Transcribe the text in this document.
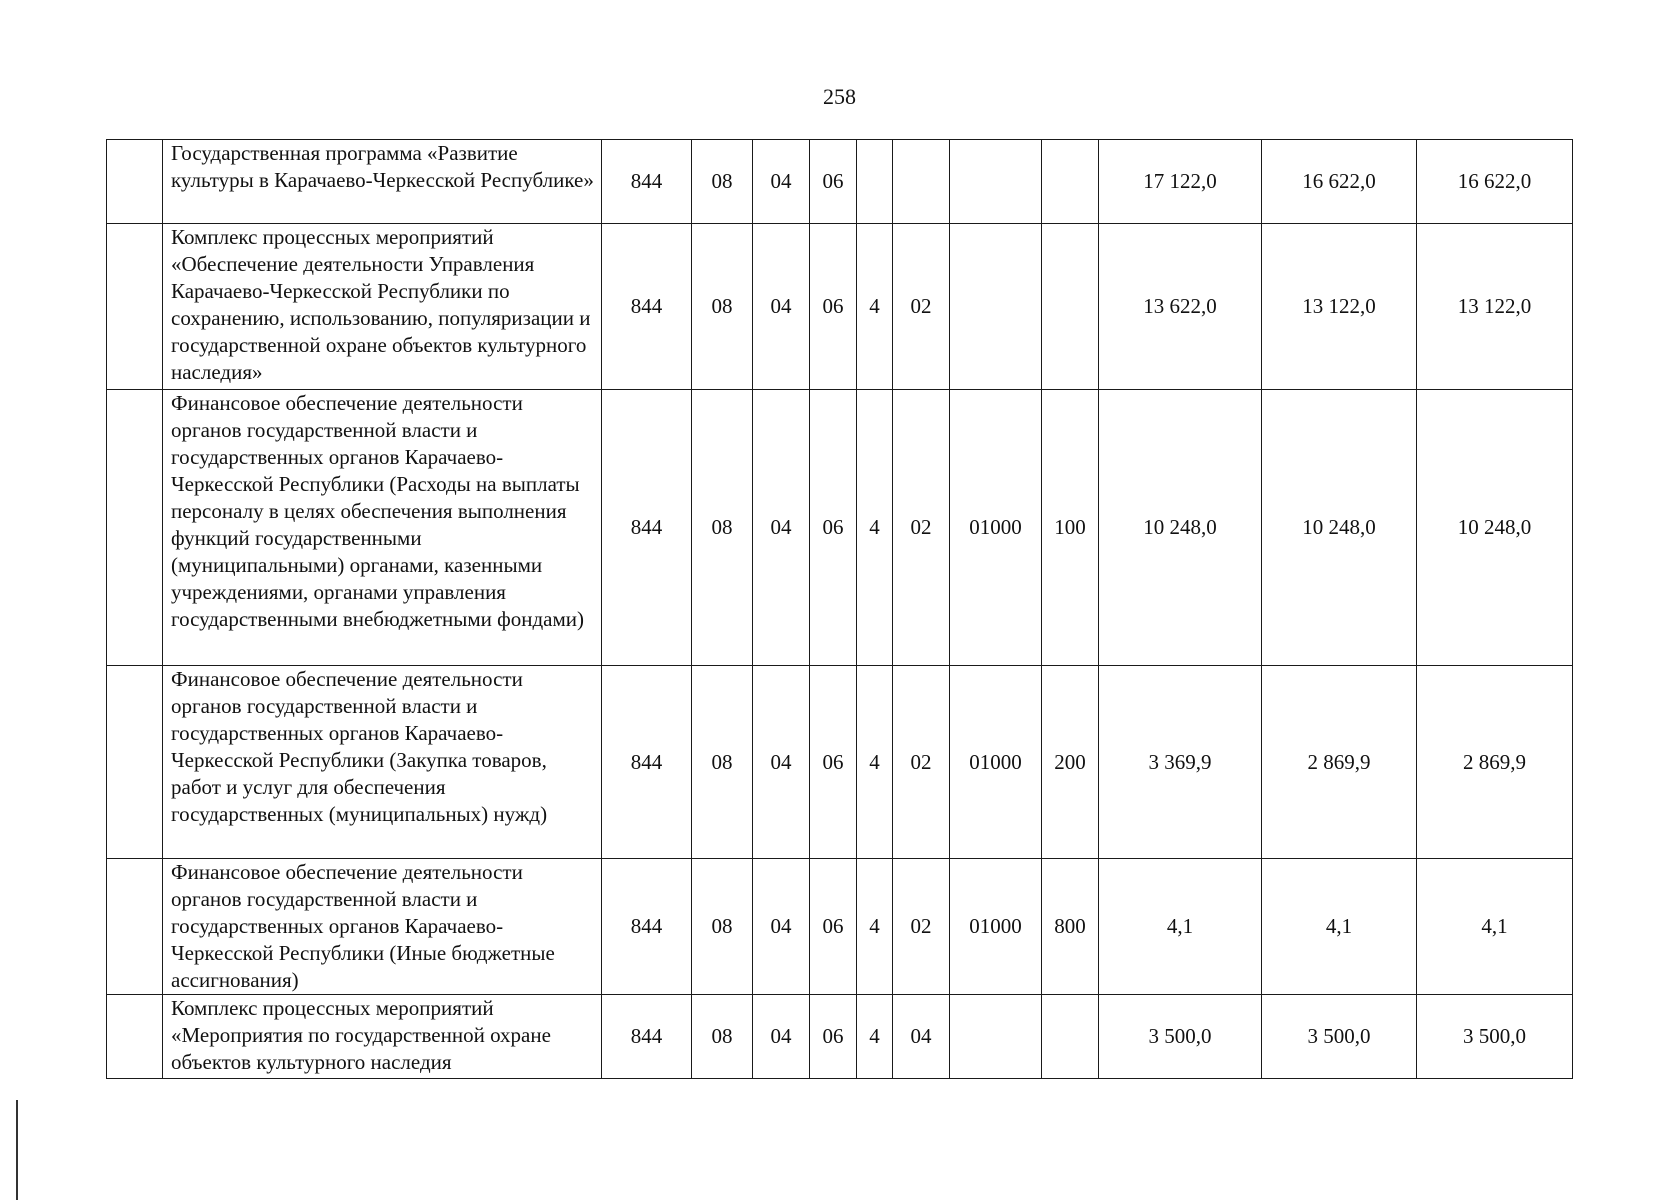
258
	Государственная программа «Развитие культуры в Карачаево-Черкесской Республике»	844	08	04	06					17 122,0	16 622,0	16 622,0
	Комплекс процессных мероприятий «Обеспечение деятельности Управления Карачаево-Черкесской Республики по сохранению, использованию, популяризации и государственной охране объектов культурного наследия»	844	08	04	06	4	02			13 622,0	13 122,0	13 122,0
	Финансовое обеспечение деятельности органов государственной власти и государственных органов Карачаево-Черкесской Республики (Расходы на выплаты персоналу в целях обеспечения выполнения функций государственными (муниципальными) органами, казенными учреждениями, органами управления государственными внебюджетными фондами)	844	08	04	06	4	02	01000	100	10 248,0	10 248,0	10 248,0
	Финансовое обеспечение деятельности органов государственной власти и государственных органов Карачаево-Черкесской Республики (Закупка товаров, работ и услуг для обеспечения государственных (муниципальных) нужд)	844	08	04	06	4	02	01000	200	3 369,9	2 869,9	2 869,9
	Финансовое обеспечение деятельности органов государственной власти и государственных органов Карачаево-Черкесской Республики (Иные бюджетные ассигнования)	844	08	04	06	4	02	01000	800	4,1	4,1	4,1
	Комплекс процессных мероприятий «Мероприятия по государственной охране объектов культурного наследия	844	08	04	06	4	04			3 500,0	3 500,0	3 500,0
